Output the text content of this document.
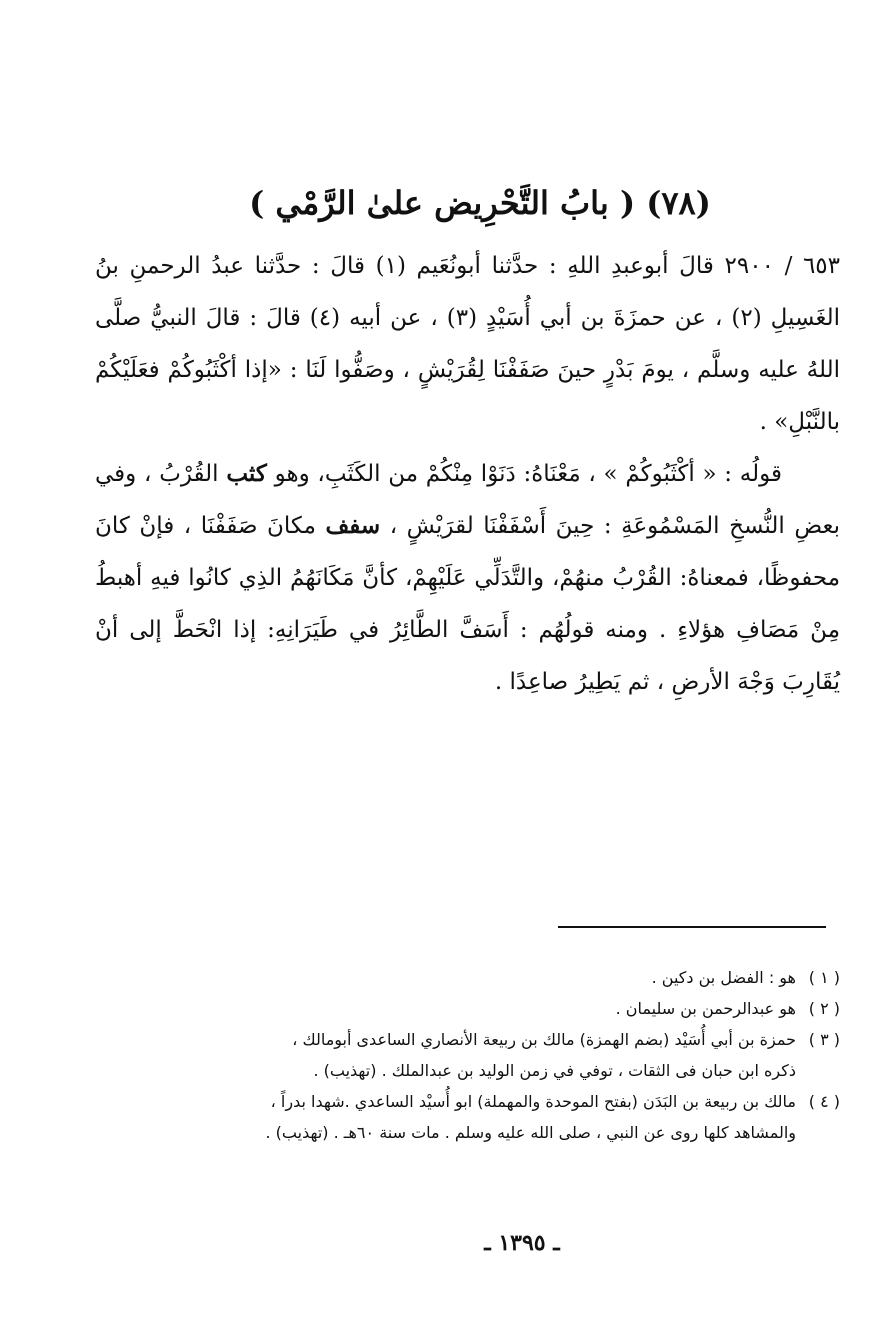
(٧٨) ( بابُ التَّحْرِيض علىٰ الرَّمْي )
٦٥٣ / ٢٩٠٠ قالَ أبوعبدِ اللهِ : حدَّثنا أبونُعَيم (١) قالَ : حدَّثنا عبدُ الرحمنِ بنُ الغَسِيلِ (٢) ، عن حمزَةَ بن أبي أُسَيْدٍ (٣) ، عن أبيه (٤) قالَ : قالَ النبيُّ صلَّى اللهُ عليه وسلَّم ، يومَ بَدْرٍ حينَ صَفَفْنَا لِقُرَيْشٍ ، وصَفُّوا لَنَا : «إذا أكْثَبُوكُمْ فعَلَيْكُمْ بالنَّبْلِ» .
قولُه : « أكْثَبُوكُمْ » ، مَعْنَاهُ: دَنَوْا مِنْكُمْ من الكَثَبِ، وهو كثب القُرْبُ ، وفي بعضِ النُّسخِ المَسْمُوعَةِ : حِينَ أَسْفَفْنَا لقرَيْشٍ ، سفف مكانَ صَفَفْنَا ، فإنْ كانَ محفوظًا، فمعناهُ: القُرْبُ منهُمْ، والتَّدَلِّي عَلَيْهِمْ، كأنَّ مَكَانَهُمُ الذِي كانُوا فيهِ أهبطُ مِنْ مَصَافِ هؤلاءِ . ومنه قولُهُم : أَسَفَّ الطَّائِرُ في طَيَرَانِهِ: إذا انْحَطَّ إلى أنْ يُقَارِبَ وَجْهَ الأرضِ ، ثم يَطِيرُ صاعِدًا .
( ١ )
هو : الفضل بن دكين .
( ٢ )
هو عبدالرحمن بن سليمان .
( ٣ )
حمزة بن أبي أُسَيْد (بضم الهمزة) مالك بن ربيعة الأنصاري الساعدى أبومالك ،
ذكره ابن حبان فى الثقات ، توفي في زمن الوليد بن عبدالملك . (تهذيب) .
( ٤ )
مالك بن ربيعة بن البَدَن (بفتح الموحدة والمهملة) ابو أُسيْد الساعدي .شهدا بدراً ،
والمشاهد كلها روى عن النبي ، صلى الله عليه وسلم . مات سنة ٦٠هـ . (تهذيب) .
ـ ١٣٩٥ ـ
